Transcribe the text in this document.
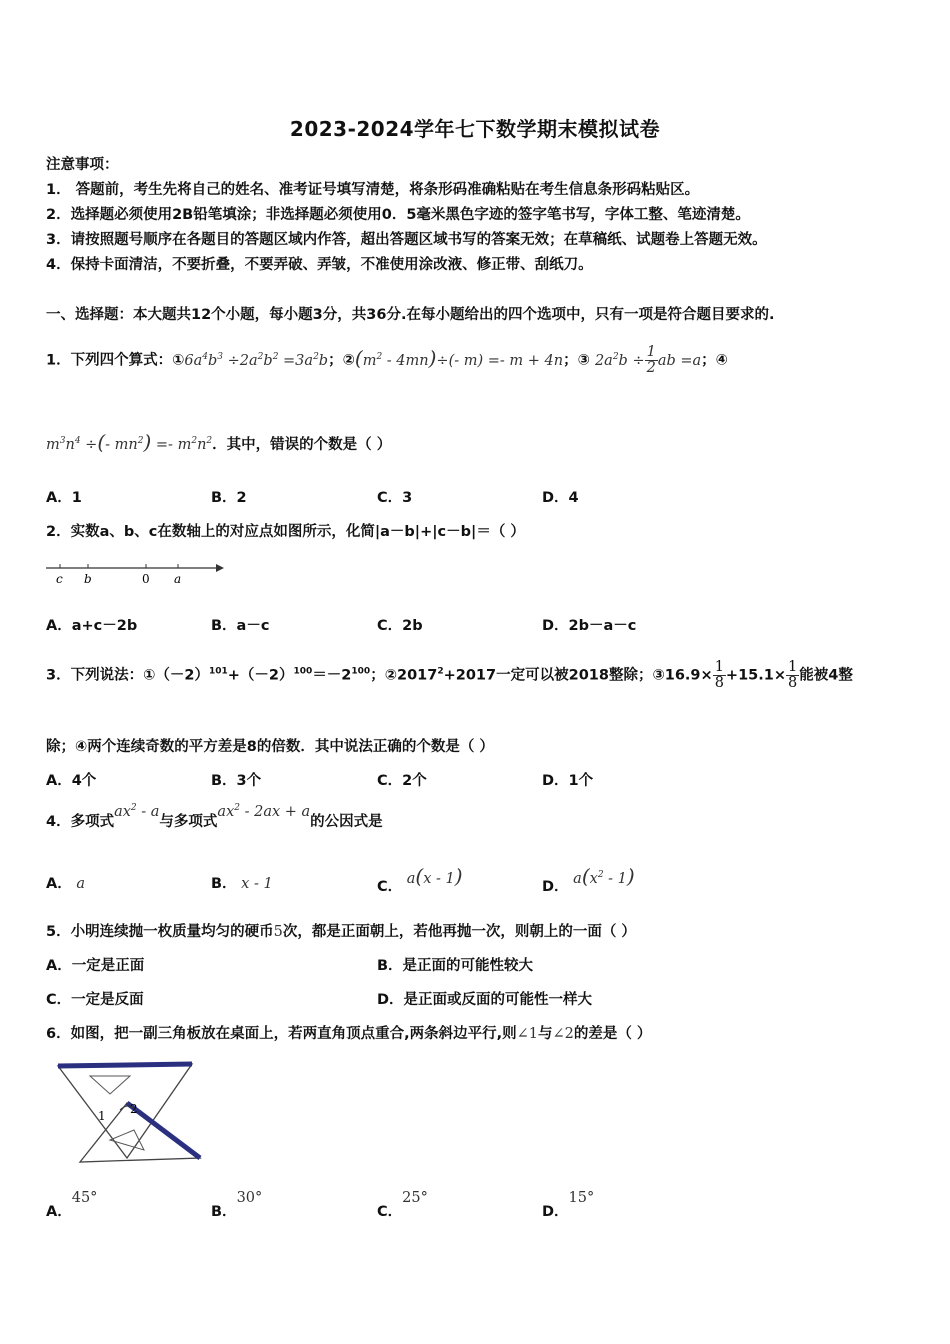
2023-2024学年七下数学期末模拟试卷
注意事项：
1． 答题前，考生先将自己的姓名、准考证号填写清楚，将条形码准确粘贴在考生信息条形码粘贴区。
2．选择题必须使用2B铅笔填涂；非选择题必须使用0．5毫米黑色字迹的签字笔书写，字体工整、笔迹清楚。
3．请按照题号顺序在各题目的答题区域内作答，超出答题区域书写的答案无效；在草稿纸、试题卷上答题无效。
4．保持卡面清洁，不要折叠，不要弄破、弄皱，不准使用涂改液、修正带、刮纸刀。
一、选择题：本大题共12个小题，每小题3分，共36分.在每小题给出的四个选项中，只有一项是符合题目要求的.
1．下列四个算式：$①6a^4b^3 \div 2a^2b^2 =3a^2b$；$②(m^2 - 4mn)\div(-$ m) =- m + 4n；③ $2a^2b \div \frac{1}{2}$ ab =a；④
$m^3n^4$ ÷(- $mn^2) =- m^2n^2$．其中，错误的个数是（ ）
A．1	B．2	C．3	D．4
2．实数a、b、c在数轴上的对应点如图所示，化简|a－b|+|c－b|＝（ ）
c b	0 a
A．a+c－2b	B．a－c	C．2b	D．2b－a－c
3．下列说法：$①(-2)^{101}+(-2)^{100}=-2^{100}$；$②2017^2+2017$一定可以被2018整除；③16.9× $\frac{1}{8} +15.1\times \frac{1}{8}$ 能被4整
除；④两个连续奇数的平方差是8的倍数．其中说法正确的个数是（ ）
A．4个	B．3个	C．2个	D．1个
4．多项式$ax^2$ - a与多项式$ax^2 - 2ax + a$的公因式是
A． a	B． x - 1	C． a(x - 1)	D． $a(x^2 - 1)$
5．小明连续抛一枚质量均匀的硬币5次，都是正面朝上，若他再抛一次，则朝上的一面（ ）
A．一定是正面	B．是正面的可能性较大
C．一定是反面	D．是正面或反面的可能性一样大
6．如图，把一副三角板放在桌面上，若两直角顶点重合,两条斜边平行,则∠1与∠2的差是（ ）
1 2
A．45°
B．30°
C．25°
D．15°
